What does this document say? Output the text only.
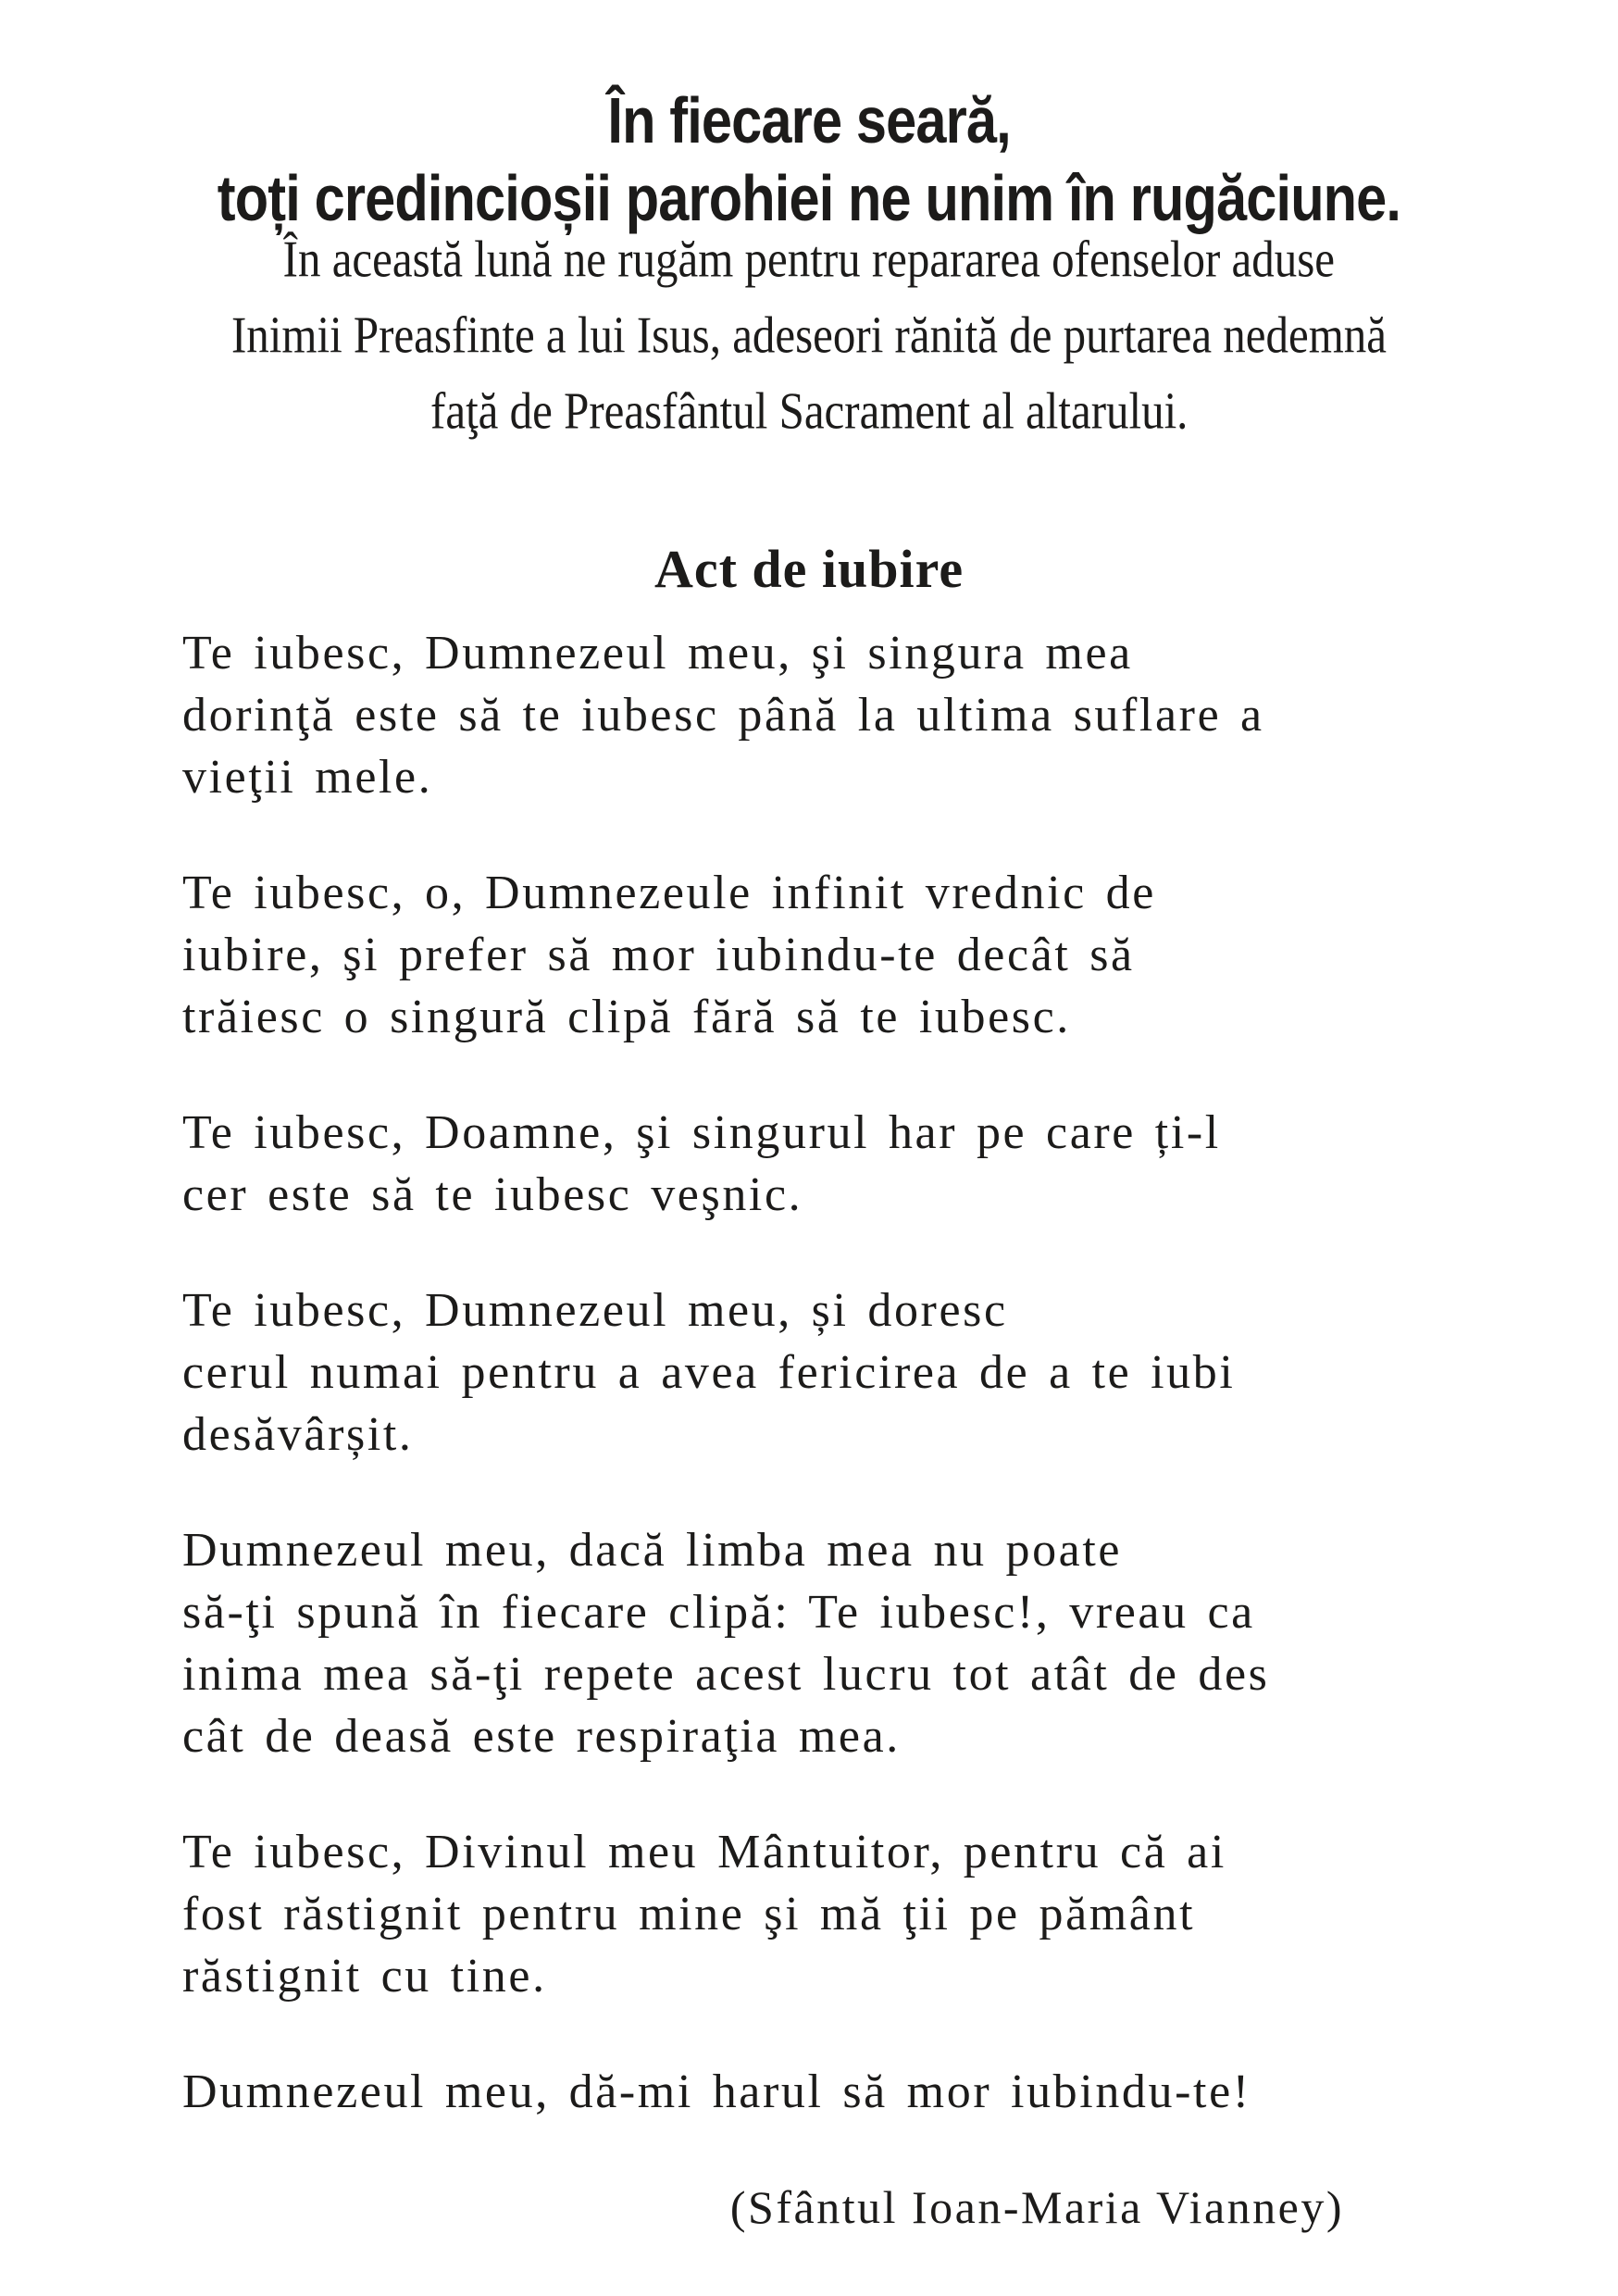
În fiecare seară,
toți credincioșii parohiei ne unim în rugăciune.
În această lună ne rugăm pentru repararea ofenselor aduse
Inimii Preasfinte a lui Isus, adeseori rănită de purtarea nedemnă
faţă de Preasfântul Sacrament al altarului.
Act de iubire
Te iubesc, Dumnezeul meu, şi singura mea
dorinţă este să te iubesc până la ultima suflare a
vieţii mele.
Te iubesc, o, Dumnezeule infinit vrednic de
iubire, şi prefer să mor iubindu-te decât să
trăiesc o singură clipă fără să te iubesc.
Te iubesc, Doamne, şi singurul har pe care ți-l
cer este să te iubesc veşnic.
Te iubesc, Dumnezeul meu, și doresc
cerul numai pentru a avea fericirea de a te iubi
desăvârșit.
Dumnezeul meu, dacă limba mea nu poate
să-ţi spună în fiecare clipă: Te iubesc!, vreau ca
inima mea să-ţi repete acest lucru tot atât de des
cât de deasă este respiraţia mea.
Te iubesc, Divinul meu Mântuitor, pentru că ai
fost răstignit pentru mine şi mă ţii pe pământ
răstignit cu tine.
Dumnezeul meu, dă-mi harul să mor iubindu-te!
(Sfântul Ioan-Maria Vianney)
